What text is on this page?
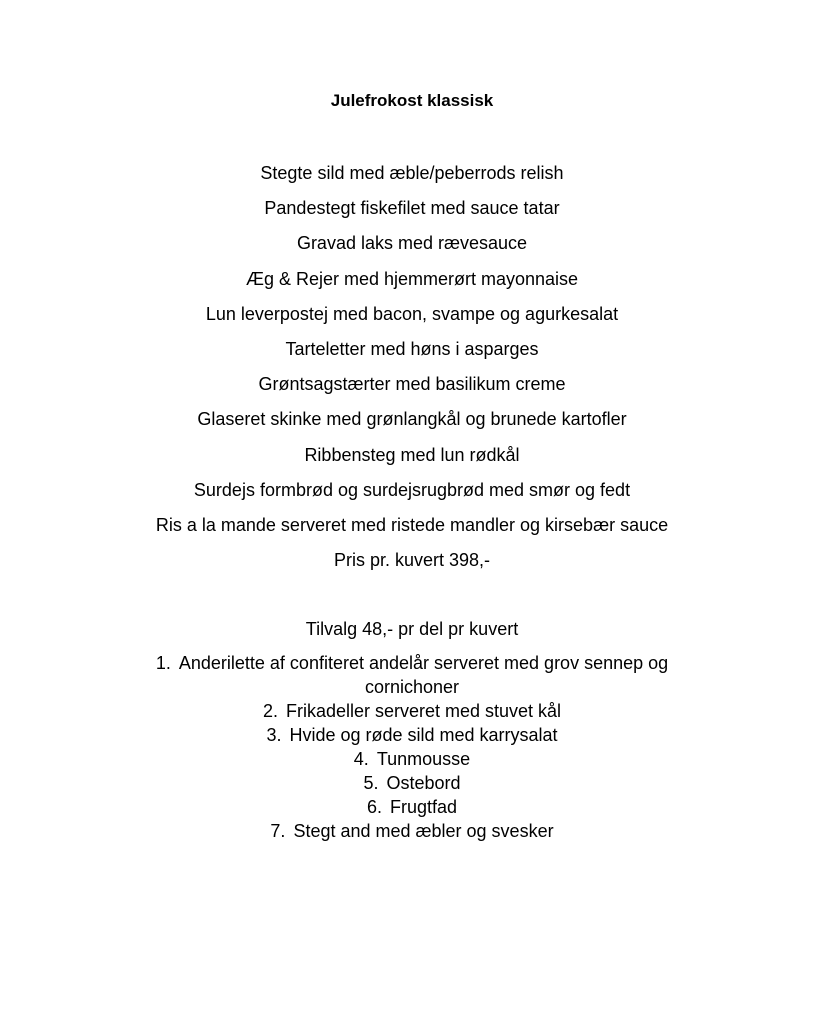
Julefrokost klassisk
Stegte sild med æble/peberrods relish
Pandestegt fiskefilet med sauce tatar
Gravad laks med rævesauce
Æg & Rejer med hjemmerørt mayonnaise
Lun leverpostej med bacon, svampe og agurkesalat
Tarteletter med høns i asparges
Grøntsagstærter med basilikum creme
Glaseret skinke med grønlangkål og brunede kartofler
Ribbensteg med lun rødkål
Surdejs formbrød og surdejsrugbrød med smør og fedt
Ris a la mande serveret med ristede mandler og kirsebær sauce
Pris pr. kuvert 398,-

Tilvalg 48,- pr del pr kuvert

1. Anderilette af confiteret andelår serveret med grov sennep og cornichoner
2. Frikadeller serveret med stuvet kål
3. Hvide og røde sild med karrysalat
4. Tunmousse
5. Ostebord
6. Frugtfad
7. Stegt and med æbler og svesker
